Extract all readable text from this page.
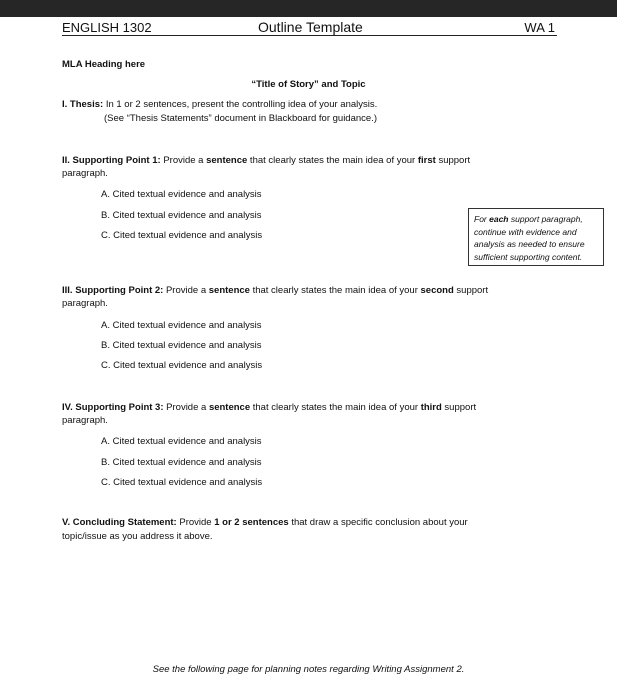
ENGLISH 1302	Outline Template	WA 1
MLA Heading here
“Title of Story” and Topic
I. Thesis: In 1 or 2 sentences, present the controlling idea of your analysis.
(See “Thesis Statements” document in Blackboard for guidance.)
II. Supporting Point 1: Provide a sentence that clearly states the main idea of your first support
paragraph.
A. Cited textual evidence and analysis
B. Cited textual evidence and analysis
C. Cited textual evidence and analysis
For each support paragraph,
continue with evidence and
analysis as needed to ensure
sufficient supporting content.
III. Supporting Point 2: Provide a sentence that clearly states the main idea of your second support
paragraph.
A. Cited textual evidence and analysis
B. Cited textual evidence and analysis
C. Cited textual evidence and analysis
IV. Supporting Point 3: Provide a sentence that clearly states the main idea of your third support
paragraph.
A. Cited textual evidence and analysis
B. Cited textual evidence and analysis
C. Cited textual evidence and analysis
V. Concluding Statement: Provide 1 or 2 sentences that draw a specific conclusion about your
topic/issue as you address it above.
See the following page for planning notes regarding Writing Assignment 2.
